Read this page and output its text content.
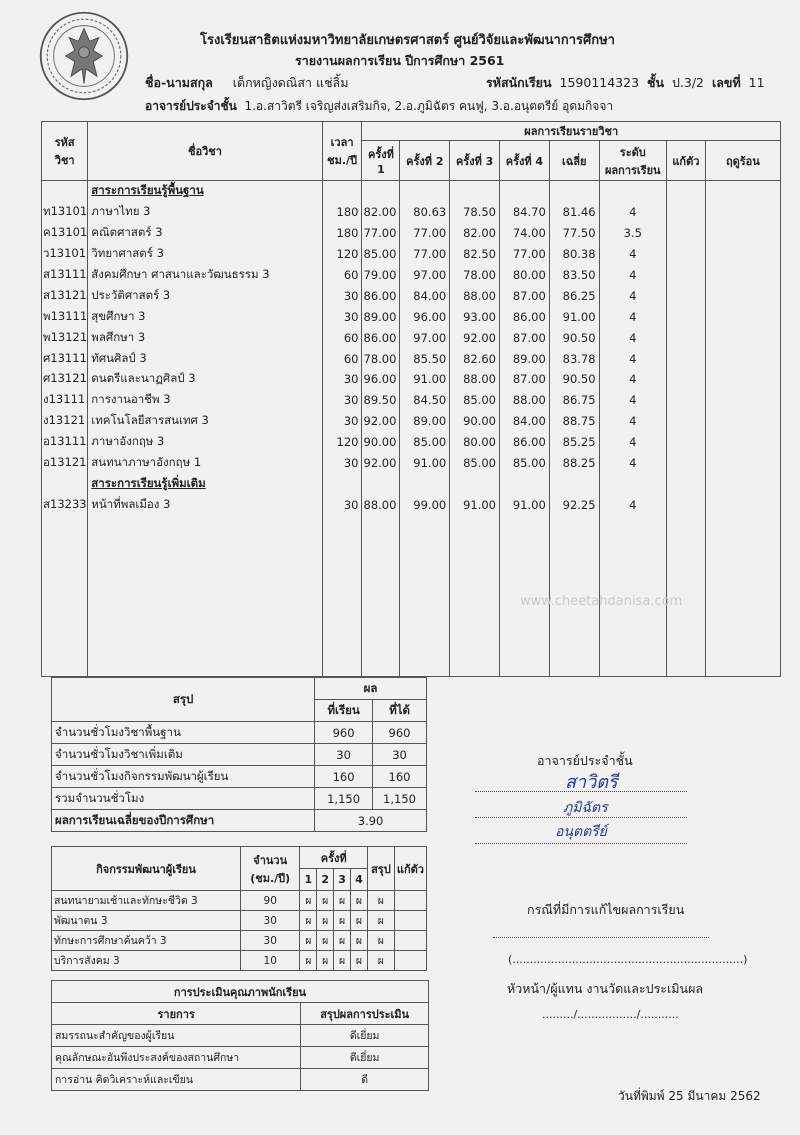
โรงเรียนสาธิตแห่งมหาวิทยาลัยเกษตรศาสตร์ ศูนย์วิจัยและพัฒนาการศึกษา
รายงานผลการเรียน ปีการศึกษา 2561
ชื่อ-นามสกุล เด็กหญิงดณิสา แช่ลิ้ม	รหัสนักเรียน 1590114323 ชั้น ป.3/2 เลขที่ 11
อาจารย์ประจำชั้น 1.อ.สาวิตรี เจริญส่งเสริมกิจ, 2.อ.ภูมิฉัตร คนฟู, 3.อ.อนุตตรีย์ อุดมกิจจา
รหัส
วิชา	ชื่อวิชา	เวลา
ชม./ปี	ผลการเรียนรายวิชา							
			ครั้งที่ 1	ครั้งที่ 2	ครั้งที่ 3	ครั้งที่ 4	เฉลี่ย	ระดับ
ผลการเรียน	แก้ตัว	ฤดูร้อน
	สาระการเรียนรู้พื้นฐาน									
ท13101	ภาษาไทย 3	180	82.00	80.63	78.50	84.70	81.46	4		
ค13101	คณิตศาสตร์ 3	180	77.00	77.00	82.00	74.00	77.50	3.5		
ว13101	วิทยาศาสตร์ 3	120	85.00	77.00	82.50	77.00	80.38	4		
ส13111	สังคมศึกษา ศาสนาและวัฒนธรรม 3	60	79.00	97.00	78.00	80.00	83.50	4		
ส13121	ประวัติศาสตร์ 3	30	86.00	84.00	88.00	87.00	86.25	4		
พ13111	สุขศึกษา 3	30	89.00	96.00	93.00	86.00	91.00	4		
พ13121	พลศึกษา 3	60	86.00	97.00	92.00	87.00	90.50	4		
ศ13111	ทัศนศิลป์ 3	60	78.00	85.50	82.60	89.00	83.78	4		
ศ13121	ดนตรีและนาฏศิลป์ 3	30	96.00	91.00	88.00	87.00	90.50	4		
ง13111	การงานอาชีพ 3	30	89.50	84.50	85.00	88.00	86.75	4		
ง13121	เทคโนโลยีสารสนเทศ 3	30	92.00	89.00	90.00	84.00	88.75	4		
อ13111	ภาษาอังกฤษ 3	120	90.00	85.00	80.00	86.00	85.25	4		
อ13121	สนทนาภาษาอังกฤษ 1	30	92.00	91.00	85.00	85.00	88.25	4		
	สาระการเรียนรู้เพิ่มเติม									
ส13233	หน้าที่พลเมือง 3	30	88.00	99.00	91.00	91.00	92.25	4		

www.cheetahdanisa.com
สรุป	ผล	
	ที่เรียน	ที่ได้
จำนวนชั่วโมงวิชาพื้นฐาน	960	960
จำนวนชั่วโมงวิชาเพิ่มเติม	30	30
จำนวนชั่วโมงกิจกรรมพัฒนาผู้เรียน	160	160
รวมจำนวนชั่วโมง	1,150	1,150
ผลการเรียนเฉลี่ยของปีการศึกษา	3.90	
กิจกรรมพัฒนาผู้เรียน	จำนวน
(ชม./ปี)	ครั้งที่				สรุป	แก้ตัว
		1	2	3	4		
สนทนายามเช้าและทักษะชีวิต 3	90	ผ	ผ	ผ	ผ	ผ	
พัฒนาตน 3	30	ผ	ผ	ผ	ผ	ผ	
ทักษะการศึกษาค้นคว้า 3	30	ผ	ผ	ผ	ผ	ผ	
บริการสังคม 3	10	ผ	ผ	ผ	ผ	ผ	
การประเมินคุณภาพนักเรียน	
รายการ	สรุปผลการประเมิน
สมรรถนะสำคัญของผู้เรียน	ดีเยี่ยม
คุณลักษณะอันพึงประสงค์ของสถานศึกษา	ดีเยี่ยม
การอ่าน คิดวิเคราะห์และเขียน	ดี
อาจารย์ประจำชั้น
สาวิตรี
ภูมิฉัตร
อนุตตรีย์
กรณีที่มีการแก้ไขผลการเรียน
(..................................................................)
หัวหน้า/ผู้แทน งานวัดและประเมินผล
........./................./...........
วันที่พิมพ์ 25 มีนาคม 2562
